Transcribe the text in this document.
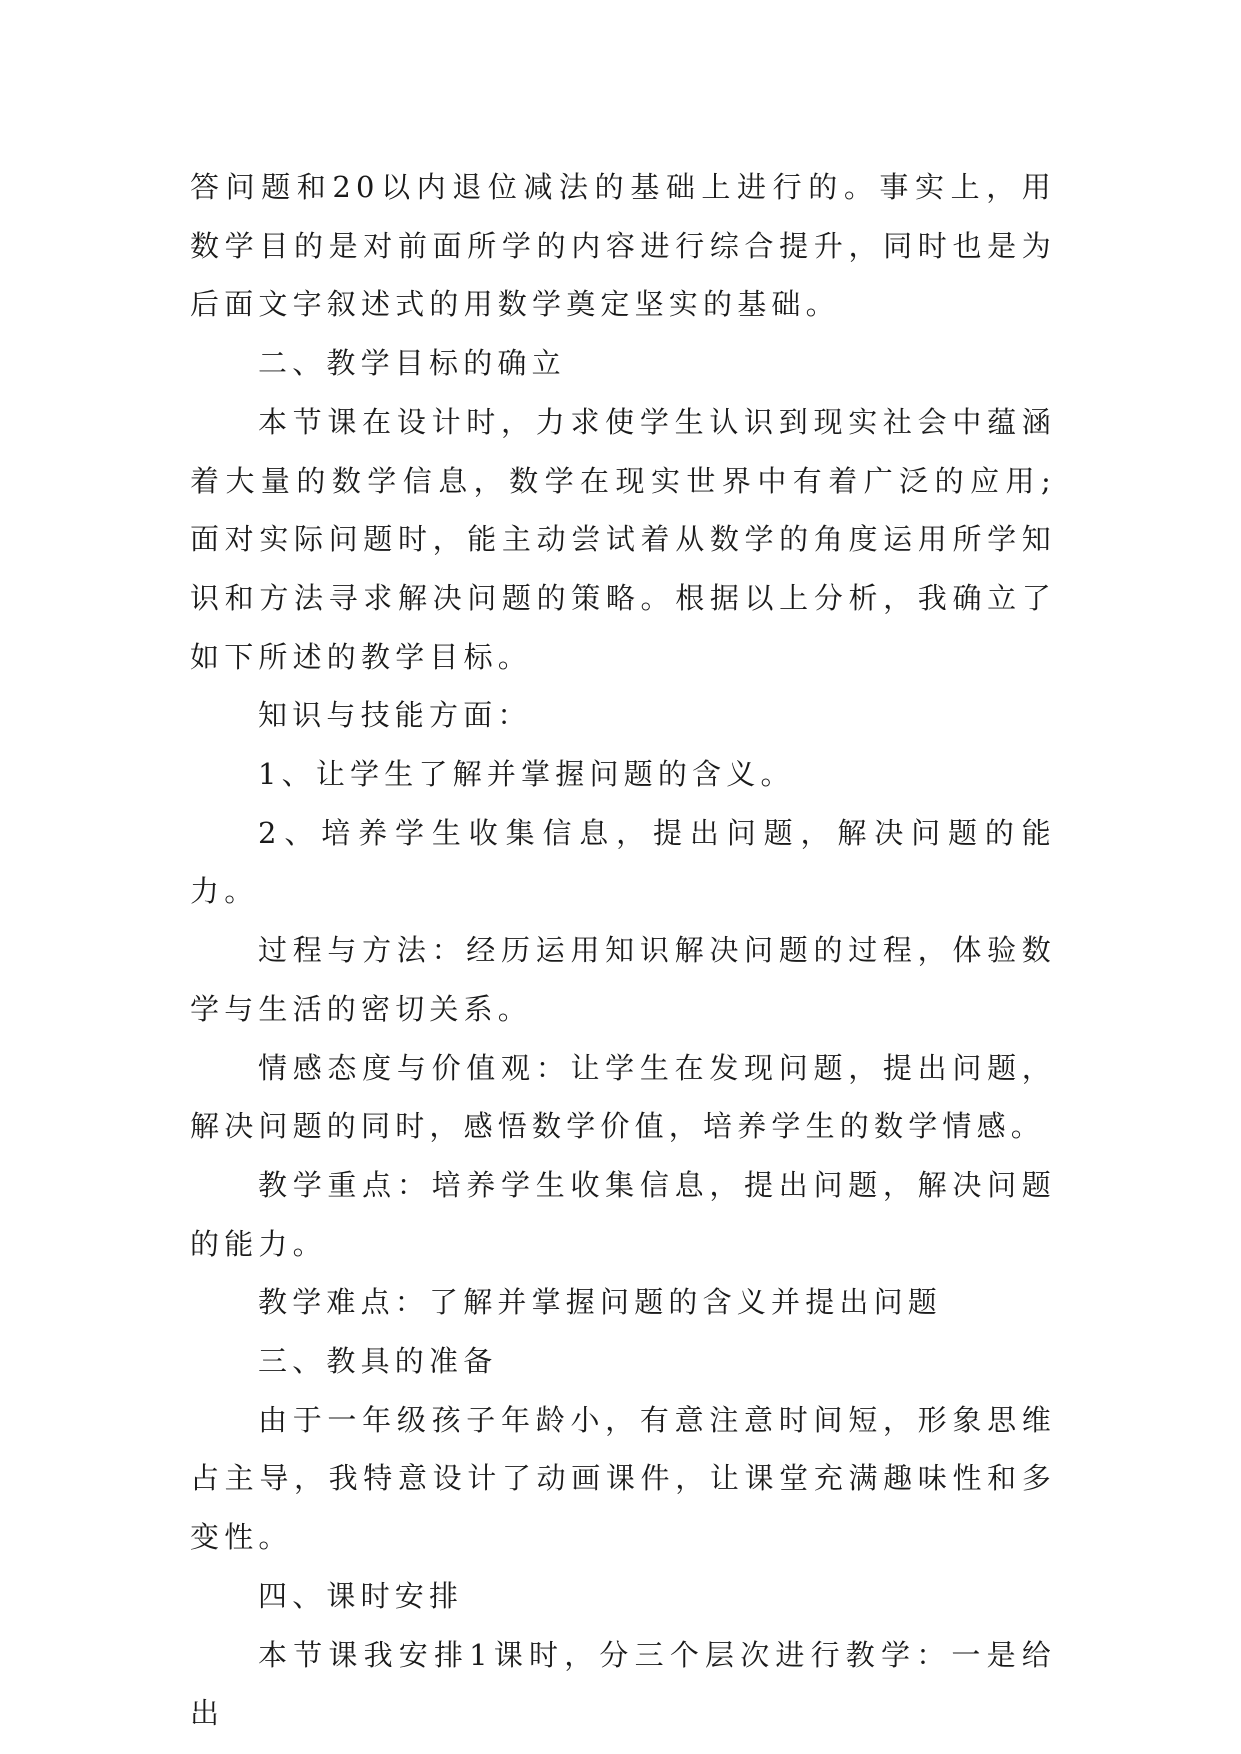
答问题和20以内退位减法的基础上进行的。事实上，用数学目的是对前面所学的内容进行综合提升，同时也是为后面文字叙述式的用数学奠定坚实的基础。

二、教学目标的确立

本节课在设计时，力求使学生认识到现实社会中蕴涵着大量的数学信息，数学在现实世界中有着广泛的应用;面对实际问题时，能主动尝试着从数学的角度运用所学知识和方法寻求解决问题的策略。根据以上分析，我确立了如下所述的教学目标。

知识与技能方面：

1、让学生了解并掌握问题的含义。

2、培养学生收集信息，提出问题，解决问题的能力。

过程与方法：经历运用知识解决问题的过程，体验数学与生活的密切关系。

情感态度与价值观：让学生在发现问题，提出问题，解决问题的同时，感悟数学价值，培养学生的数学情感。

教学重点：培养学生收集信息，提出问题，解决问题的能力。

教学难点：了解并掌握问题的含义并提出问题

三、教具的准备

由于一年级孩子年龄小，有意注意时间短，形象思维占主导，我特意设计了动画课件，让课堂充满趣味性和多变性。

四、课时安排

本节课我安排1课时，分三个层次进行教学：一是给出
